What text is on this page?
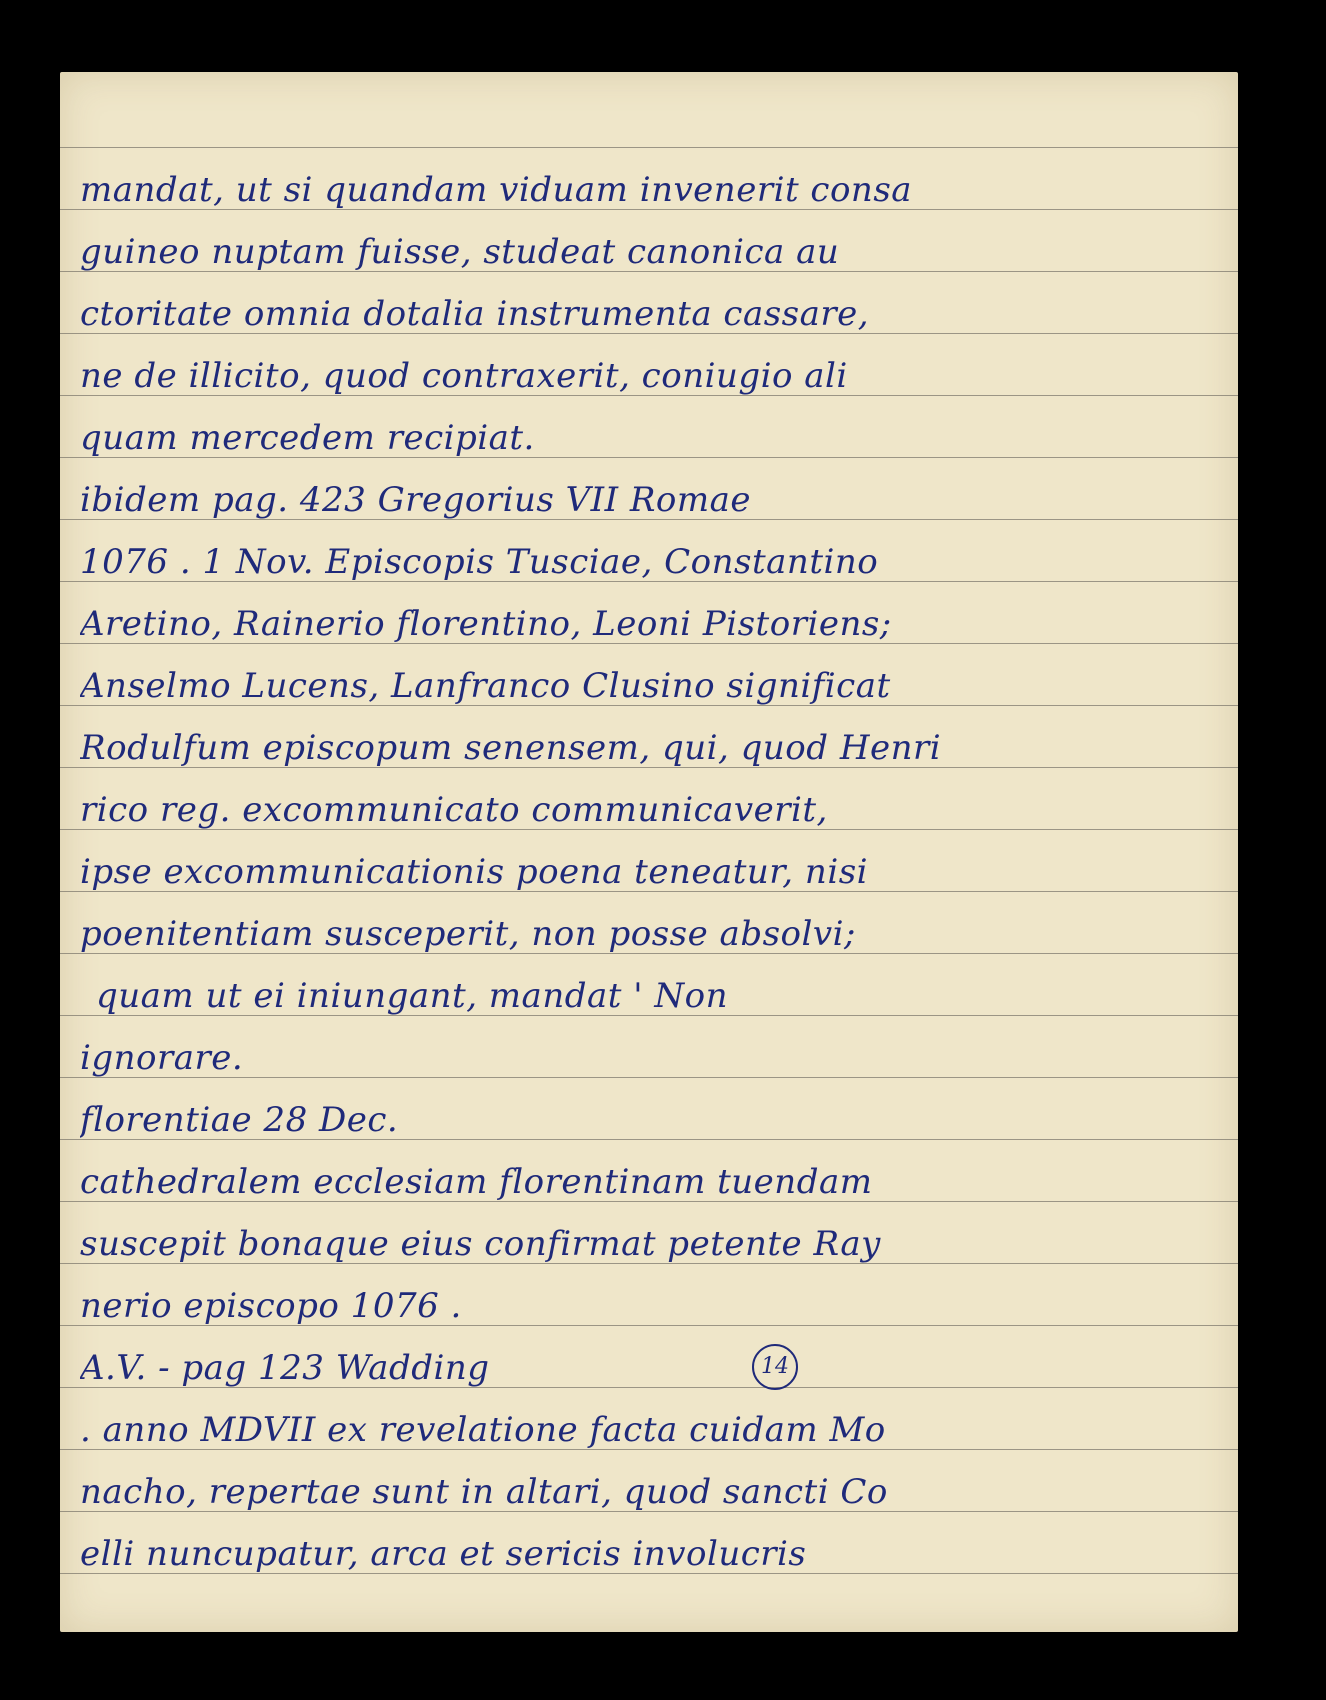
mandat, ut si quandam viduam invenerit consa
guineo nuptam fuisse, studeat canonica au
ctoritate omnia dotalia instrumenta cassare,
ne de illicito, quod contraxerit, coniugio ali
quam mercedem recipiat.
ibidem pag. 423 Gregorius VII Romae
1076 . 1 Nov. Episcopis Tusciae, Constantino
Aretino, Rainerio florentino, Leoni Pistoriens;
Anselmo Lucens, Lanfranco Clusino significat
Rodulfum episcopum senensem, qui, quod Henri
rico reg. excommunicato communicaverit,
ipse excommunicationis poena teneatur, nisi
poenitentiam susceperit, non posse absolvi;
quam ut ei iniungant, mandat ' Non
ignorare.
florentiae 28 Dec.
cathedralem ecclesiam florentinam tuendam
suscepit bonaque eius confirmat petente Ray
nerio episcopo 1076 .
A.V. - pag 123 Wadding
. anno MDVII ex revelatione facta cuidam Mo
nacho, repertae sunt in altari, quod sancti Co
elli nuncupatur, arca et sericis involucris
14
